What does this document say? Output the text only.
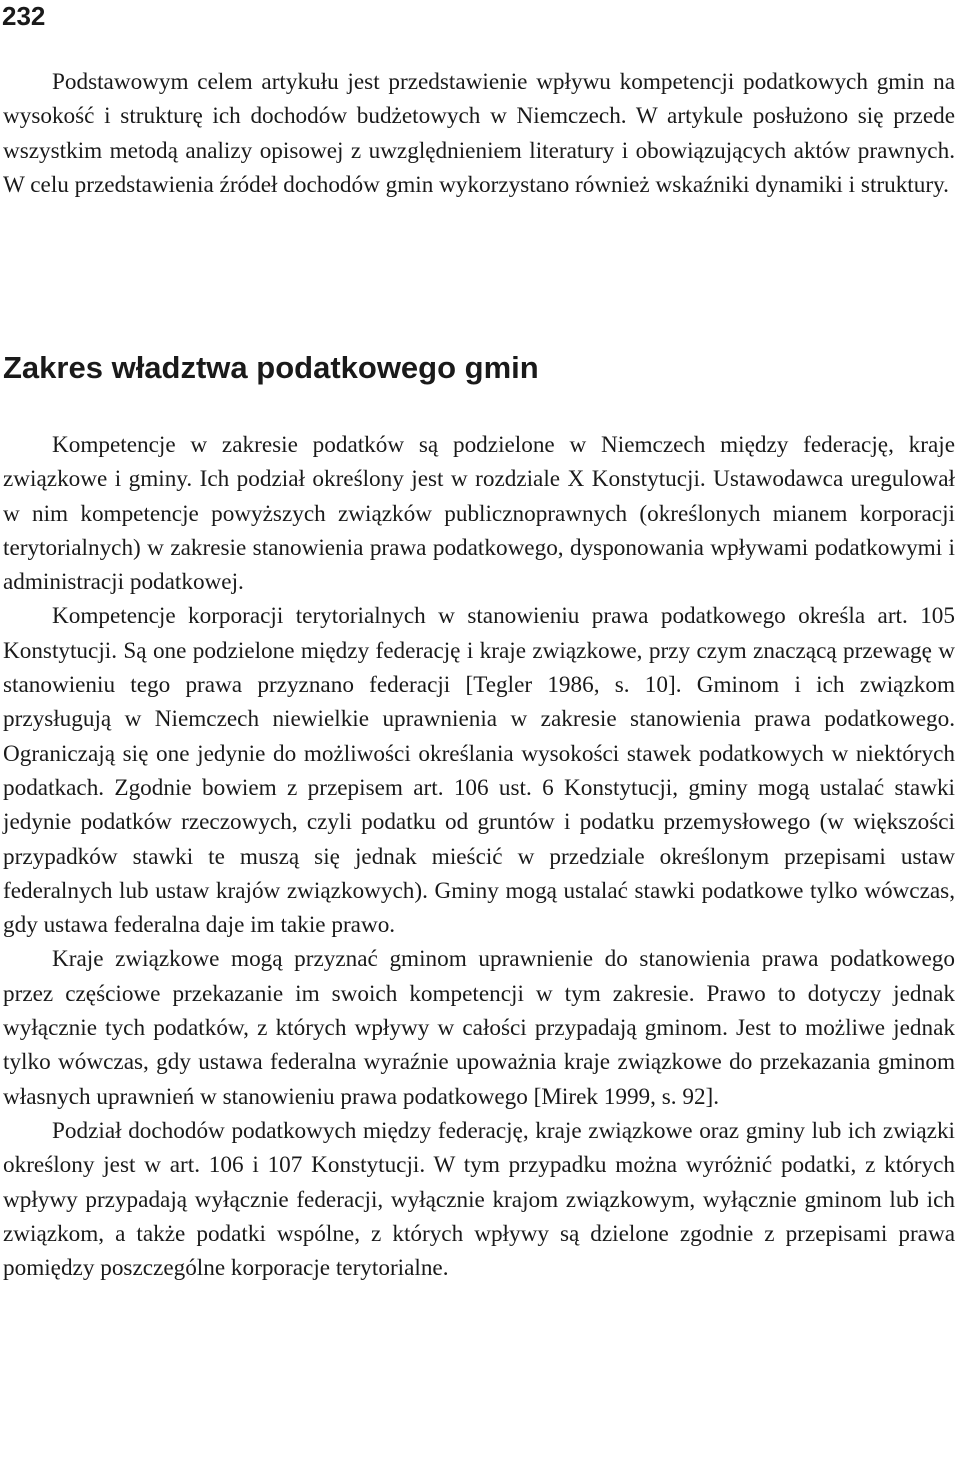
232

Podstawowym celem artykułu jest przedstawienie wpływu kompetencji podatkowych gmin na wysokość i strukturę ich dochodów budżetowych w Niemczech. W artykule posłużono się przede wszystkim metodą analizy opisowej z uwzględnieniem literatury i obowiązujących aktów prawnych. W celu przedstawienia źródeł dochodów gmin wykorzystano również wskaźniki dynamiki i struktury.

Zakres władztwa podatkowego gmin

Kompetencje w zakresie podatków są podzielone w Niemczech między federację, kraje związkowe i gminy. Ich podział określony jest w rozdziale X Konstytucji. Ustawodawca uregulował w nim kompetencje powyższych związków publicznoprawnych (określonych mianem korporacji terytorialnych) w zakresie stanowienia prawa podatkowego, dysponowania wpływami podatkowymi i administracji podatkowej.

Kompetencje korporacji terytorialnych w stanowieniu prawa podatkowego określa art. 105 Konstytucji. Są one podzielone między federację i kraje związkowe, przy czym znaczącą przewagę w stanowieniu tego prawa przyznano federacji [Tegler 1986, s. 10]. Gminom i ich związkom przysługują w Niemczech niewielkie uprawnienia w zakresie stanowienia prawa podatkowego. Ograniczają się one jedynie do możliwości określania wysokości stawek podatkowych w niektórych podatkach. Zgodnie bowiem z przepisem art. 106 ust. 6 Konstytucji, gminy mogą ustalać stawki jedynie podatków rzeczowych, czyli podatku od gruntów i podatku przemysłowego (w większości przypadków stawki te muszą się jednak mieścić w przedziale określonym przepisami ustaw federalnych lub ustaw krajów związkowych). Gminy mogą ustalać stawki podatkowe tylko wówczas, gdy ustawa federalna daje im takie prawo.

Kraje związkowe mogą przyznać gminom uprawnienie do stanowienia prawa podatkowego przez częściowe przekazanie im swoich kompetencji w tym zakresie. Prawo to dotyczy jednak wyłącznie tych podatków, z których wpływy w całości przypadają gminom. Jest to możliwe jednak tylko wówczas, gdy ustawa federalna wyraźnie upoważnia kraje związkowe do przekazania gminom własnych uprawnień w stanowieniu prawa podatkowego [Mirek 1999, s. 92].

Podział dochodów podatkowych między federację, kraje związkowe oraz gminy lub ich związki określony jest w art. 106 i 107 Konstytucji. W tym przypadku można wyróżnić podatki, z których wpływy przypadają wyłącznie federacji, wyłącznie krajom związkowym, wyłącznie gminom lub ich związkom, a także podatki wspólne, z których wpływy są dzielone zgodnie z przepisami prawa pomiędzy poszczególne korporacje terytorialne.
